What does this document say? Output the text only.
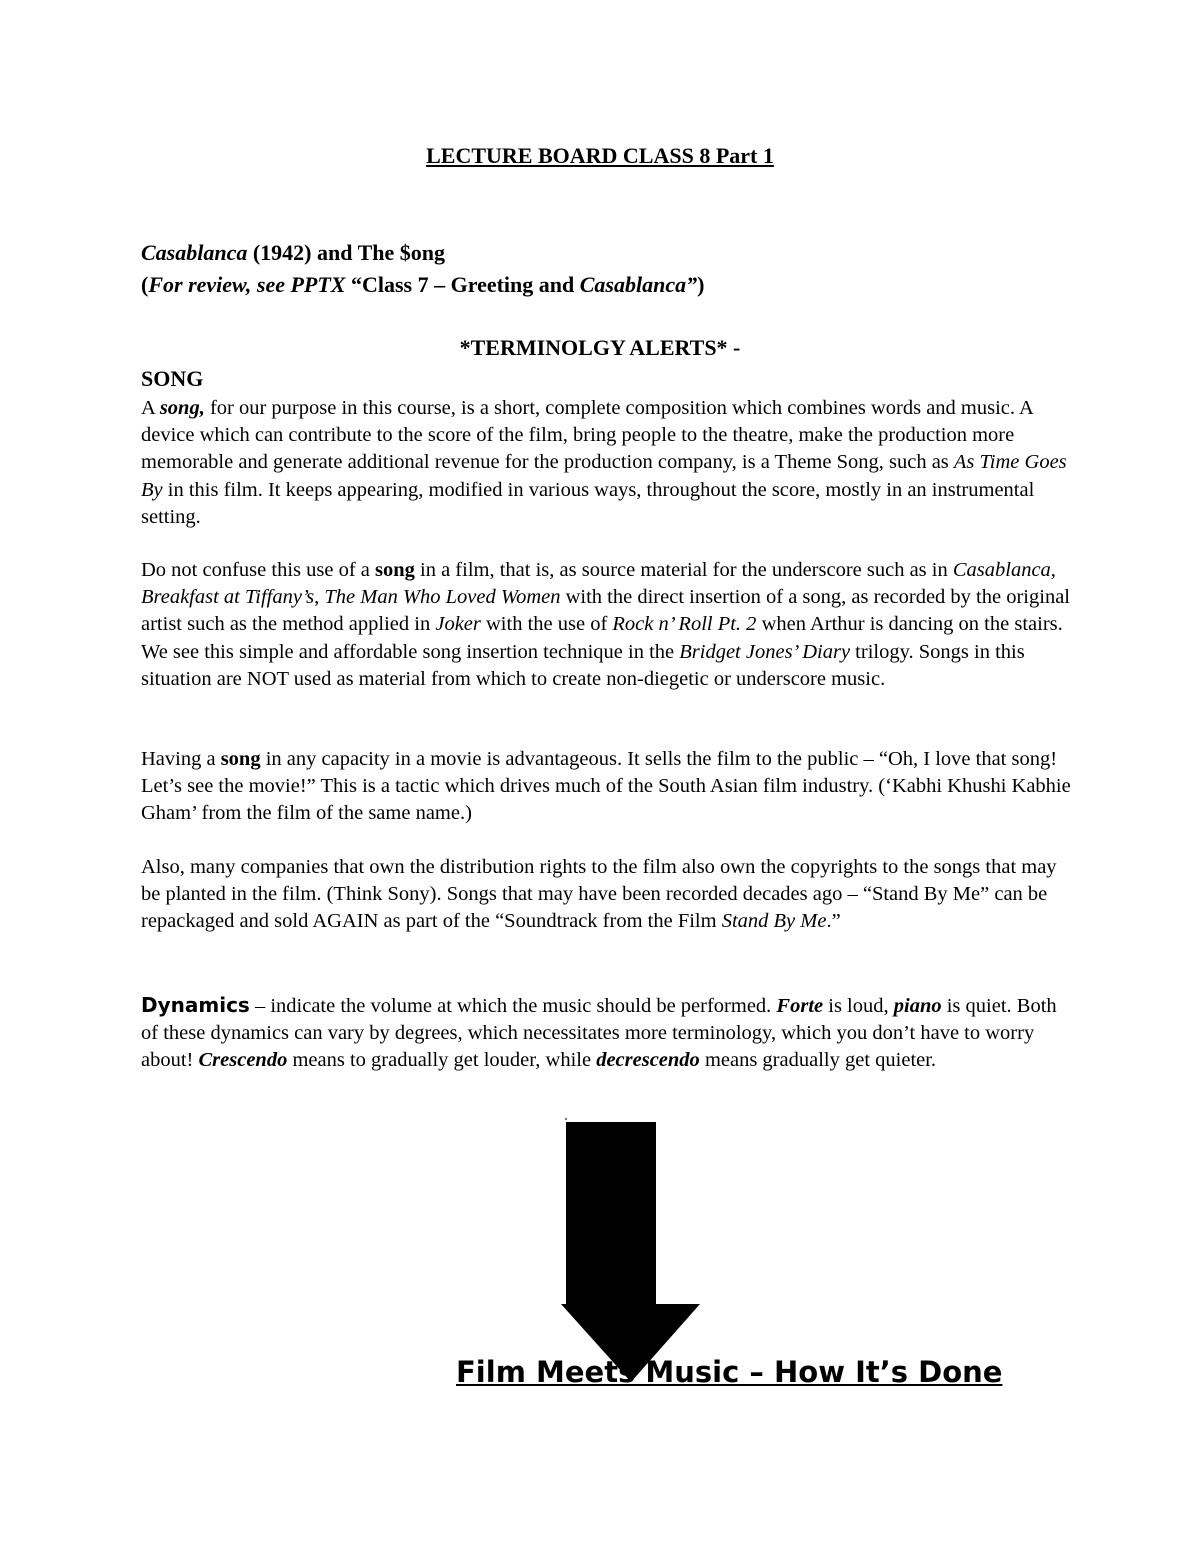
LECTURE BOARD CLASS 8 Part 1
Casablanca (1942) and The $ong
(For review, see PPTX “Class 7 – Greeting and Casablanca”)
*TERMINOLGY ALERTS* -
SONG
A song, for our purpose in this course, is a short, complete composition which combines words and music. A device which can contribute to the score of the film, bring people to the theatre, make the production more memorable and generate additional revenue for the production company, is a Theme Song, such as As Time Goes By in this film. It keeps appearing, modified in various ways, throughout the score, mostly in an instrumental setting.
Do not confuse this use of a song in a film, that is, as source material for the underscore such as in Casablanca, Breakfast at Tiffany’s, The Man Who Loved Women with the direct insertion of a song, as recorded by the original artist such as the method applied in Joker with the use of Rock n’ Roll Pt. 2 when Arthur is dancing on the stairs. We see this simple and affordable song insertion technique in the Bridget Jones’ Diary trilogy. Songs in this situation are NOT used as material from which to create non-diegetic or underscore music.
Having a song in any capacity in a movie is advantageous. It sells the film to the public – “Oh, I love that song! Let’s see the movie!” This is a tactic which drives much of the South Asian film industry. (‘Kabhi Khushi Kabhie Gham’ from the film of the same name.)
Also, many companies that own the distribution rights to the film also own the copyrights to the songs that may be planted in the film. (Think Sony). Songs that may have been recorded decades ago – “Stand By Me” can be repackaged and sold AGAIN as part of the “Soundtrack from the Film Stand By Me.”
Dynamics – indicate the volume at which the music should be performed. Forte is loud, piano is quiet. Both of these dynamics can vary by degrees, which necessitates more terminology, which you don’t have to worry about! Crescendo means to gradually get louder, while decrescendo means gradually get quieter.
Film Meets Music – How It’s Done
